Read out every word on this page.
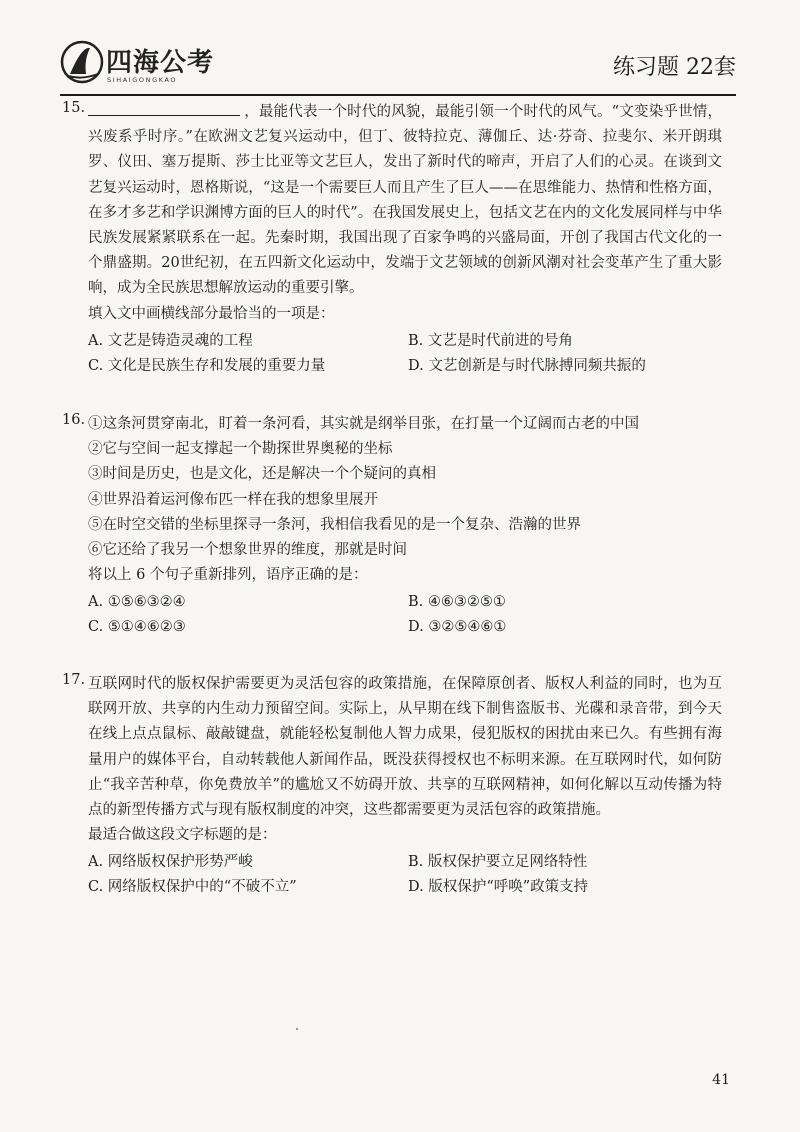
四海公考
SIHAIGONGKAO	练习题 22套
15.	，最能代表一个时代的风貌，最能引领一个时代的风气。“文变染乎世情，兴废系乎时序。”在欧洲文艺复兴运动中，但丁、彼特拉克、薄伽丘、达·芬奇、拉斐尔、米开朗琪罗、仪田、塞万提斯、莎士比亚等文艺巨人，发出了新时代的啼声，开启了人们的心灵。在谈到文艺复兴运动时，恩格斯说，“这是一个需要巨人而且产生了巨人——在思维能力、热情和性格方面，在多才多艺和学识渊博方面的巨人的时代”。在我国发展史上，包括文艺在内的文化发展同样与中华民族发展紧紧联系在一起。先秦时期，我国出现了百家争鸣的兴盛局面，开创了我国古代文化的一个鼎盛期。20世纪初，在五四新文化运动中，发端于文艺领域的创新风潮对社会变革产生了重大影响，成为全民族思想解放运动的重要引擎。
填入文中画横线部分最恰当的一项是：
A. 文艺是铸造灵魂的工程	B. 文艺是时代前进的号角
C. 文化是民族生存和发展的重要力量	D. 文艺创新是与时代脉搏同频共振的
16. ①这条河贯穿南北，盯着一条河看，其实就是纲举目张，在打量一个辽阔而古老的中国
②它与空间一起支撑起一个勘探世界奥秘的坐标
③时间是历史，也是文化，还是解决一个个疑问的真相
④世界沿着运河像布匹一样在我的想象里展开
⑤在时空交错的坐标里探寻一条河，我相信我看见的是一个复杂、浩瀚的世界
⑥它还给了我另一个想象世界的维度，那就是时间
将以上 6 个句子重新排列，语序正确的是：
A. ①⑤⑥③②④	B. ④⑥③②⑤①
C. ⑤①④⑥②③	D. ③②⑤④⑥①
17. 互联网时代的版权保护需要更为灵活包容的政策措施，在保障原创者、版权人利益的同时，也为互联网开放、共享的内生动力预留空间。实际上，从早期在线下制售盗版书、光碟和录音带，到今天在线上点点鼠标、敲敲键盘，就能轻松复制他人智力成果，侵犯版权的困扰由来已久。有些拥有海量用户的媒体平台，自动转载他人新闻作品，既没获得授权也不标明来源。在互联网时代，如何防止“我辛苦种草，你免费放羊”的尴尬又不妨碍开放、共享的互联网精神，如何化解以互动传播为特点的新型传播方式与现有版权制度的冲突，这些都需要更为灵活包容的政策措施。
最适合做这段文字标题的是：
A. 网络版权保护形势严峻	B. 版权保护要立足网络特性
C. 网络版权保护中的“不破不立”	D. 版权保护“呼唤”政策支持
41
